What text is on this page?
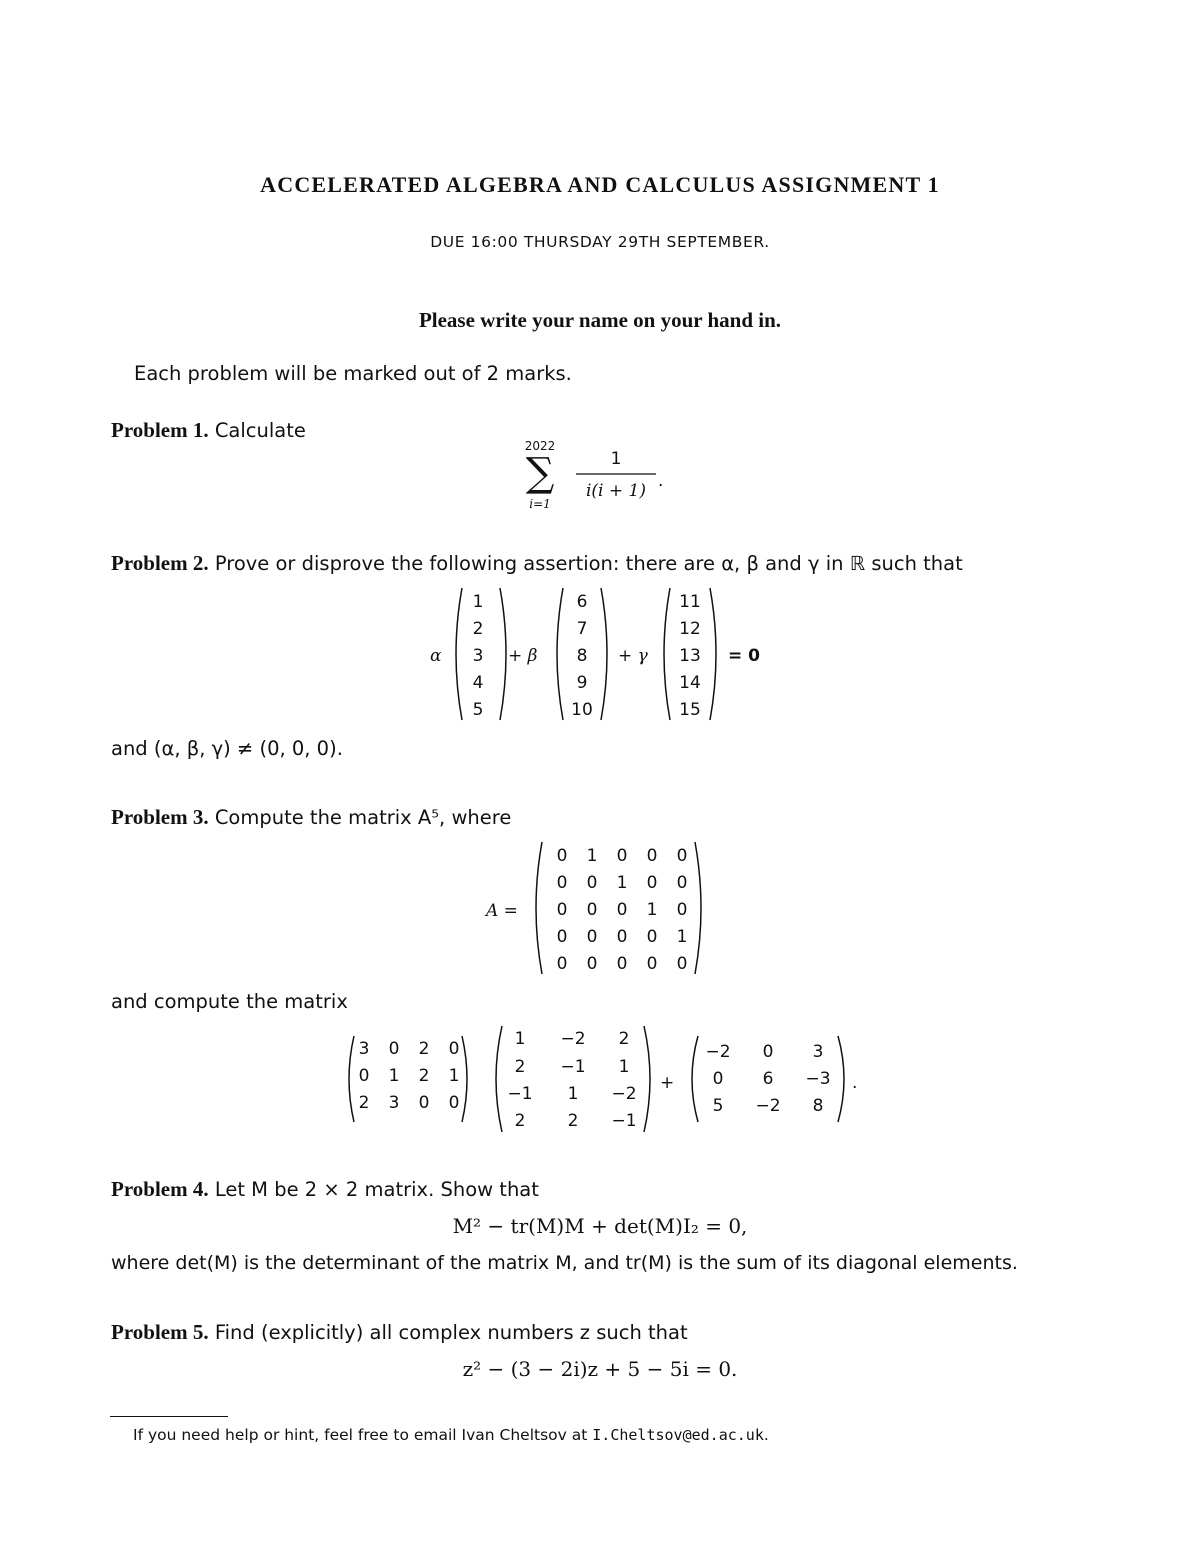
ACCELERATED ALGEBRA AND CALCULUS ASSIGNMENT 1
DUE 16:00 THURSDAY 29TH SEPTEMBER.
Please write your name on your hand in.
Each problem will be marked out of 2 marks.
Problem 1. Calculate
2022
∑
i=1
1
i(i + 1) .
Problem 2. Prove or disprove the following assertion: there are α, β and γ in ℝ such that
α
1
2
3
4
5
+ β
6
7
8
9
10
+ γ
11
12
13
14
15
= 0
and (α, β, γ) ≠ (0, 0, 0).
Problem 3. Compute the matrix A⁵, where
A =
0 1 0 0 0
0 0 1 0 0
0 0 0 1 0
0 0 0 0 1
0 0 0 0 0
and compute the matrix
3 0 2 0
0 1 2 1
2 3 0 0
1 −2 2
2 −1 1
−1 1 −2
2 2 −1
+
−2 0 3
0 6 −3
5 −2 8
.
Problem 4. Let M be 2 × 2 matrix. Show that
M² − tr(M)M + det(M)I₂ = 0,
where det(M) is the determinant of the matrix M, and tr(M) is the sum of its diagonal elements.
Problem 5. Find (explicitly) all complex numbers z such that
z² − (3 − 2i)z + 5 − 5i = 0.
If you need help or hint, feel free to email Ivan Cheltsov at I.Cheltsov@ed.ac.uk.
